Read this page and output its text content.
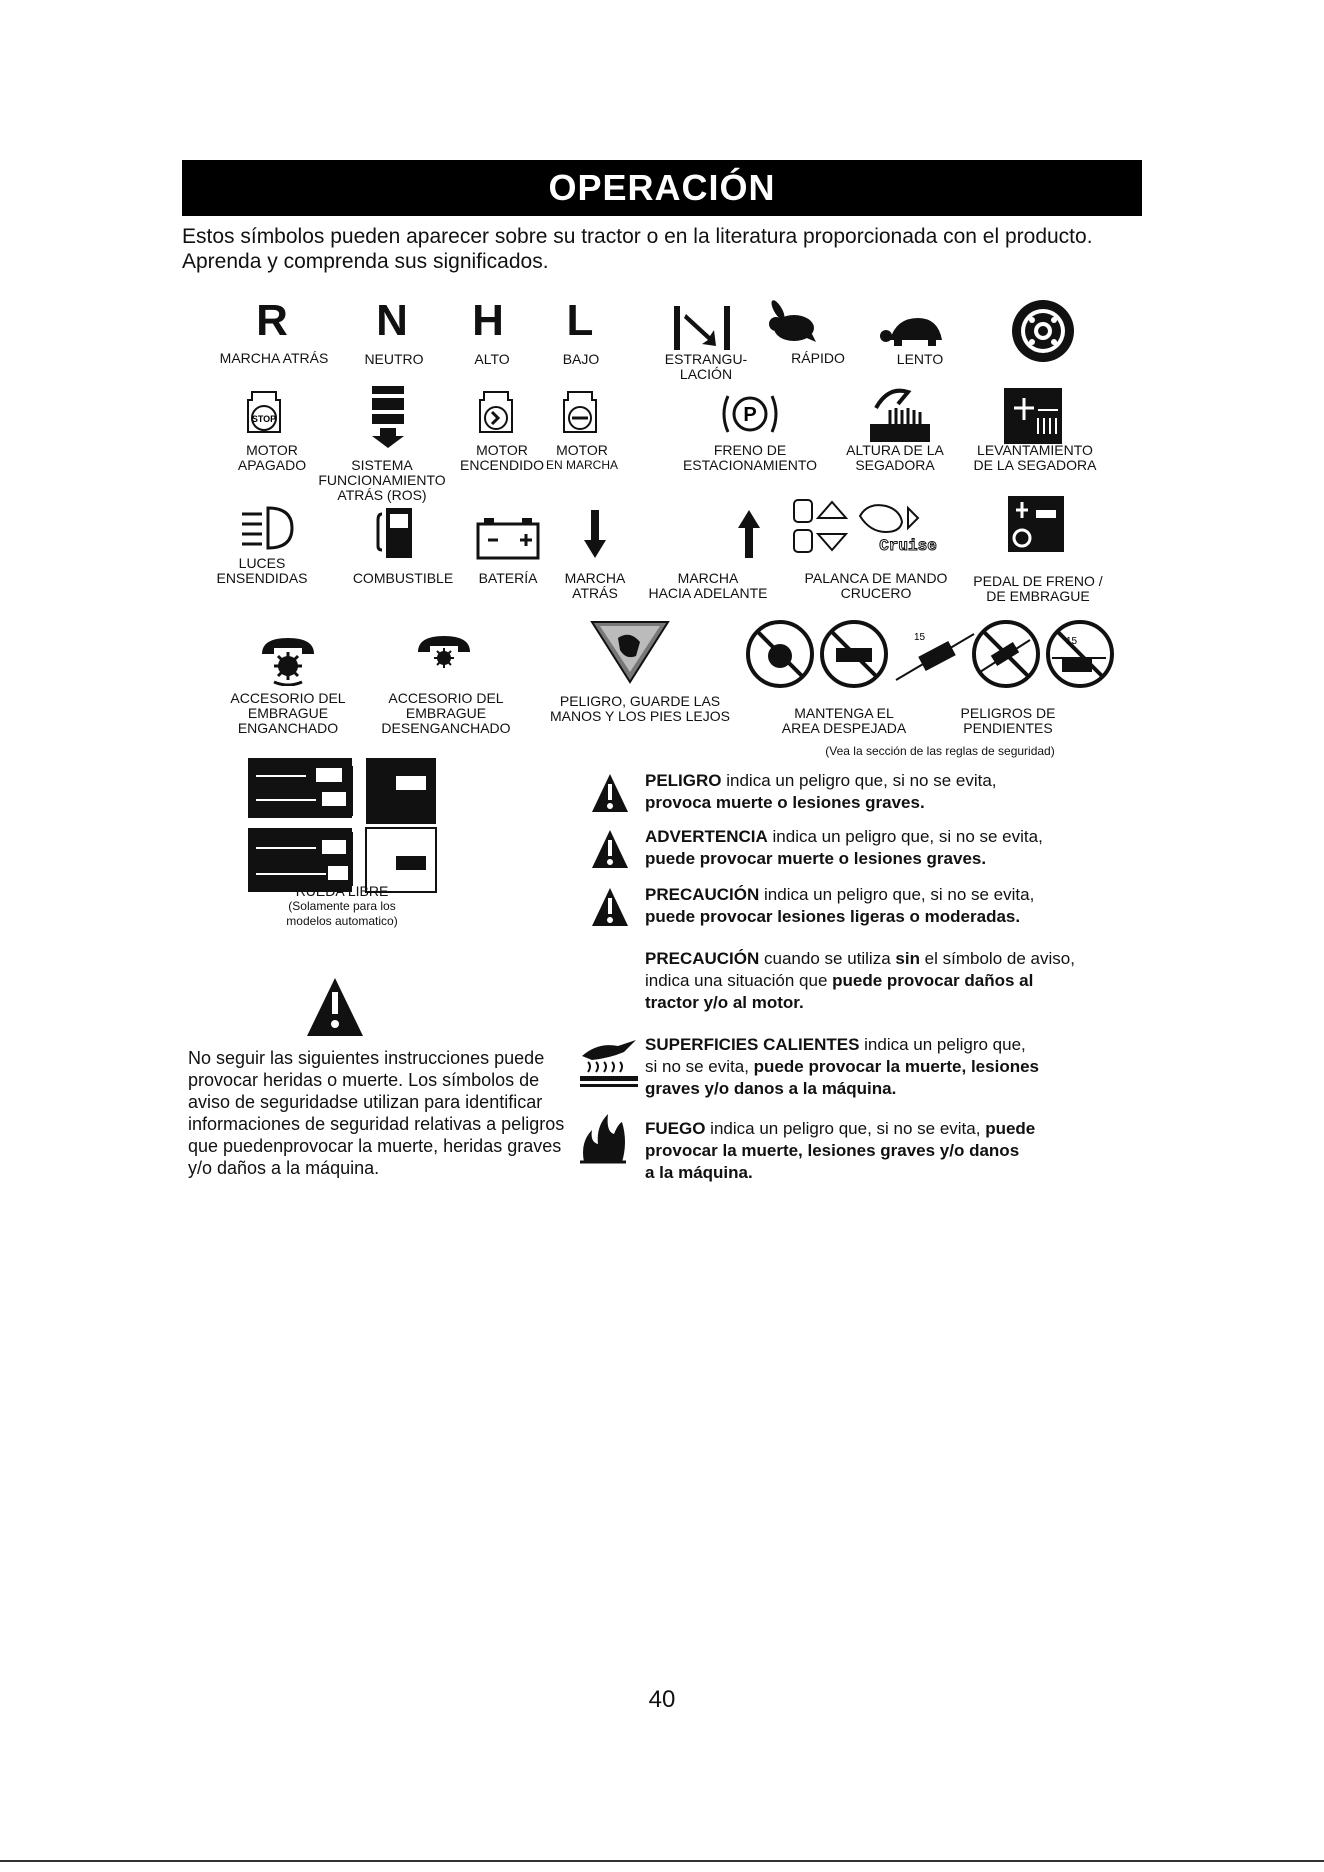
OPERACIÓN
Estos símbolos pueden aparecer sobre su tractor o en la literatura proporcionada con el producto.
Aprenda y comprenda sus significados.
R N H L
MARCHA ATRÁS	NEUTRO	ALTO	BAJO	ESTRANGU-
LACIÓN
RÁPIDO	LENTO
STOP	P
MOTOR
APAGADO	SISTEMA
FUNCIONAMIENTO
ATRÁS (ROS)
MOTOR
ENCENDIDO
MOTOR
EN MARCHA
FRENO DE
ESTACIONAMIENTO
ALTURA DE LA
SEGADORA
LEVANTAMIENTO
DE LA SEGADORA
Cruise
LUCES
ENSENDIDAS	COMBUSTIBLE BATERÍA MARCHA
ATRÁS
MARCHA
HACIA ADELANTE
PALANCA DE MANDO
CRUCERO
PEDAL DE FRENO /
DE EMBRAGUE
15	15
ACCESORIO DEL
EMBRAGUE
ENGANCHADO
ACCESORIO DEL
EMBRAGUE
DESENGANCHADO
PELIGRO, GUARDE LAS
MANOS Y LOS PIES LEJOS	MANTENGA EL
AREA DESPEJADA
PELIGROS DE
PENDIENTES
(Vea la sección de las reglas de seguridad)
RUEDA LIBRE
(Solamente para los
modelos automatico)
No seguir las siguientes instrucciones puede provocar heridas o muerte. Los símbolos de aviso de seguridadse utilizan para identificar informaciones de seguridad relativas a peligros que puedenprovocar la muerte, heridas graves y/o daños a la máquina.
PELIGRO indica un peligro que, si no se evita,
provoca muerte o lesiones graves.
ADVERTENCIA indica un peligro que, si no se evita,
puede provocar muerte o lesiones graves.
PRECAUCIÓN indica un peligro que, si no se evita,
puede provocar lesiones ligeras o moderadas.
PRECAUCIÓN cuando se utiliza sin el símbolo de aviso,
indica una situación que puede provocar daños al
tractor y/o al motor.
SUPERFICIES CALIENTES indica un peligro que,
si no se evita, puede provocar la muerte, lesiones
graves y/o danos a la máquina.
FUEGO indica un peligro que, si no se evita, puede
provocar la muerte, lesiones graves y/o danos
a la máquina.
40
